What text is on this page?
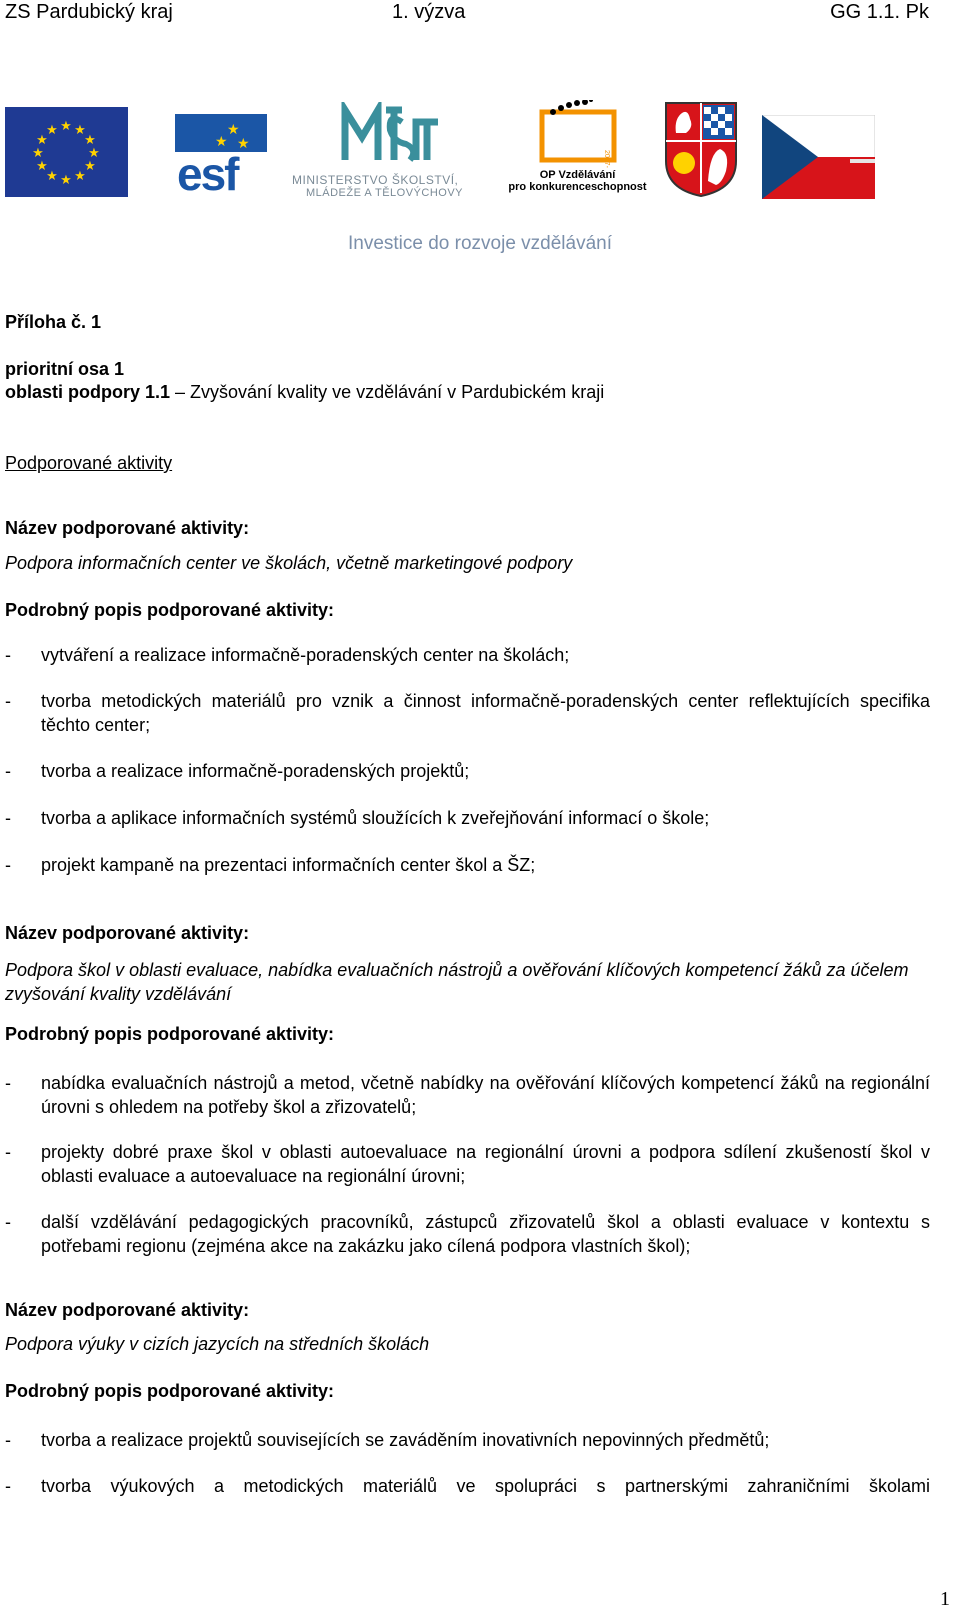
ZS Pardubický kraj	1. výzva	GG 1.1. Pk
★ ★
★
★
★
★
★
★
★
★
★
★	★
★
★
esf	MINISTERSTVO ŠKOLSTVÍ,
MLÁDEŽE A TĚLOVÝCHOVY
2007-13
OP Vzdělávání
pro konkurenceschopnost
Investice do rozvoje vzdělávání
Příloha č. 1
prioritní osa 1
oblasti podpory 1.1 – Zvyšování kvality ve vzdělávání v Pardubickém kraji
Podporované aktivity
Název podporované aktivity:
Podpora informačních center ve školách, včetně marketingové podpory
Podrobný popis podporované aktivity:
- vytváření a realizace informačně-poradenských center na školách;
- tvorba metodických materiálů pro vznik a činnost informačně-poradenských center reflektujících specifika těchto center;
- tvorba a realizace informačně-poradenských projektů;
- tvorba a aplikace informačních systémů sloužících k zveřejňování informací o škole;
- projekt kampaně na prezentaci informačních center škol a ŠZ;
Název podporované aktivity:
Podpora škol v oblasti evaluace, nabídka evaluačních nástrojů a ověřování klíčových kompetencí žáků za účelem zvyšování kvality vzdělávání
Podrobný popis podporované aktivity:
- nabídka evaluačních nástrojů a metod, včetně nabídky na ověřování klíčových kompetencí žáků na regionální úrovni s ohledem na potřeby škol a zřizovatelů;
- projekty dobré praxe škol v oblasti autoevaluace na regionální úrovni a podpora sdílení zkušeností škol v oblasti evaluace a autoevaluace na regionální úrovni;
- další vzdělávání pedagogických pracovníků, zástupců zřizovatelů škol a oblasti evaluace v kontextu s potřebami regionu (zejména akce na zakázku jako cílená podpora vlastních škol);
Název podporované aktivity:
Podpora výuky v cizích jazycích na středních školách
Podrobný popis podporované aktivity:
- tvorba a realizace projektů souvisejících se zaváděním inovativních nepovinných předmětů;
- tvorba výukových a metodických materiálů ve spolupráci s partnerskými zahraničními školami
1
